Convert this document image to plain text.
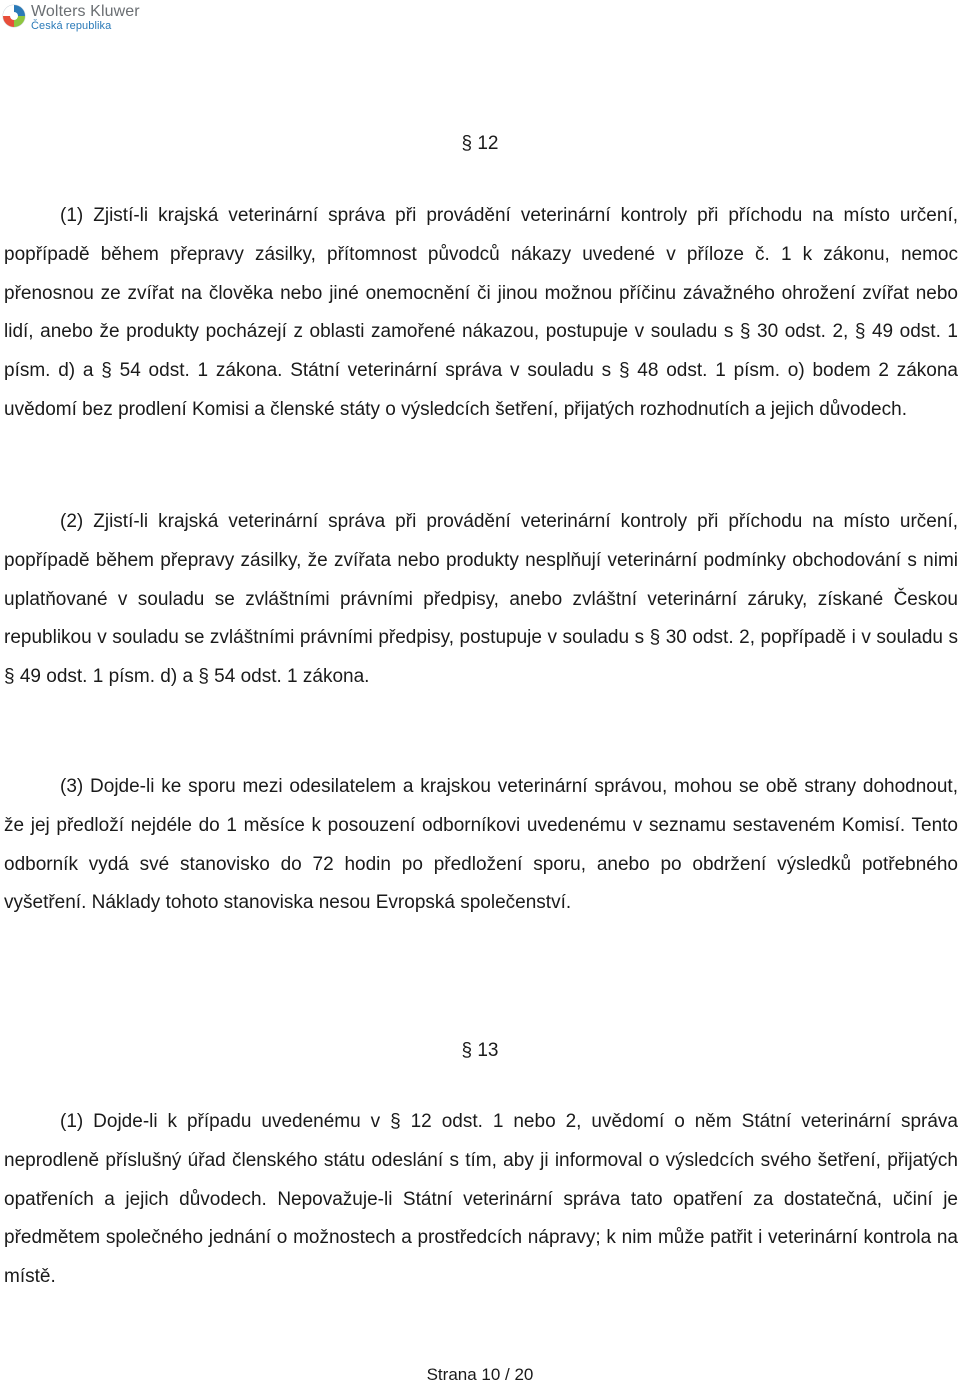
Wolters Kluwer
Česká republika
§ 12

(1) Zjistí-li krajská veterinární správa při provádění veterinární kontroly při příchodu na místo určení, popřípadě během přepravy zásilky, přítomnost původců nákazy uvedené v příloze č. 1 k zákonu, nemoc přenosnou ze zvířat na člověka nebo jiné onemocnění či jinou možnou příčinu závažného ohrožení zvířat nebo lidí, anebo že produkty pocházejí z oblasti zamořené nákazou, postupuje v souladu s § 30 odst. 2, § 49 odst. 1 písm. d) a § 54 odst. 1 zákona. Státní veterinární správa v souladu s § 48 odst. 1 písm. o) bodem 2 zákona uvědomí bez prodlení Komisi a členské státy o výsledcích šetření, přijatých rozhodnutích a jejich důvodech.

(2) Zjistí-li krajská veterinární správa při provádění veterinární kontroly při příchodu na místo určení, popřípadě během přepravy zásilky, že zvířata nebo produkty nesplňují veterinární podmínky obchodování s nimi uplatňované v souladu se zvláštními právními předpisy, anebo zvláštní veterinární záruky, získané Českou republikou v souladu se zvláštními právními předpisy, postupuje v souladu s § 30 odst. 2, popřípadě i v souladu s § 49 odst. 1 písm. d) a § 54 odst. 1 zákona.

(3) Dojde-li ke sporu mezi odesilatelem a krajskou veterinární správou, mohou se obě strany dohodnout, že jej předloží nejdéle do 1 měsíce k posouzení odborníkovi uvedenému v seznamu sestaveném Komisí. Tento odborník vydá své stanovisko do 72 hodin po předložení sporu, anebo po obdržení výsledků potřebného vyšetření. Náklady tohoto stanoviska nesou Evropská společenství.

§ 13

(1) Dojde-li k případu uvedenému v § 12 odst. 1 nebo 2, uvědomí o něm Státní veterinární správa neprodleně příslušný úřad členského státu odeslání s tím, aby ji informoval o výsledcích svého šetření, přijatých opatřeních a jejich důvodech. Nepovažuje-li Státní veterinární správa tato opatření za dostatečná, učiní je předmětem společného jednání o možnostech a prostředcích nápravy; k nim může patřit i veterinární kontrola na místě.

Strana 10 / 20
